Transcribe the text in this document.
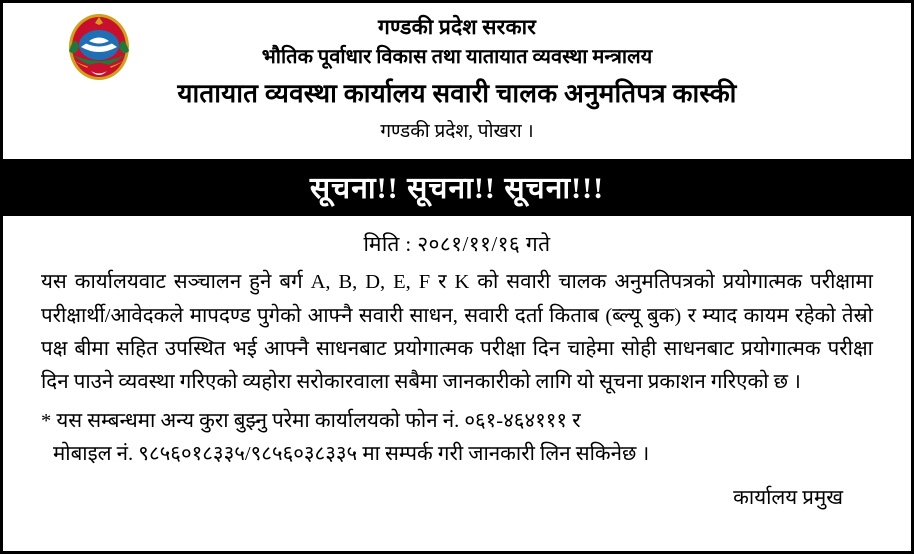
गण्डकी प्रदेश सरकार
भौतिक पूर्वाधार विकास तथा यातायात व्यवस्था मन्त्रालय
यातायात व्यवस्था कार्यालय सवारी चालक अनुमतिपत्र कास्की
गण्डकी प्रदेश, पोखरा ।
सूचना!! सूचना!! सूचना!!!
मिति : २०८१/११/१६ गते
यस कार्यालयवाट सञ्चालन हुने बर्ग A, B, D, E, F र K को सवारी चालक अनुमतिपत्रको प्रयोगात्मक परीक्षामा परीक्षार्थी/आवेदकले मापदण्ड पुगेको आफ्नै सवारी साधन, सवारी दर्ता किताब (ब्ल्यू बुक) र म्याद कायम रहेको तेस्रो पक्ष बीमा सहित उपस्थित भई आफ्नै साधनबाट प्रयोगात्मक परीक्षा दिन चाहेमा सोही साधनबाट प्रयोगात्मक परीक्षा दिन पाउने व्यवस्था गरिएको व्यहोरा सरोकारवाला सबैमा जानकारीको लागि यो सूचना प्रकाशन गरिएको छ ।
* यस सम्बन्धमा अन्य कुरा बुझ्नु परेमा कार्यालयको फोन नं. ०६१-४६४१११ र
मोबाइल नं. ९८५६०१८३३५/९८५६०३८३३५ मा सम्पर्क गरी जानकारी लिन सकिनेछ ।
कार्यालय प्रमुख
